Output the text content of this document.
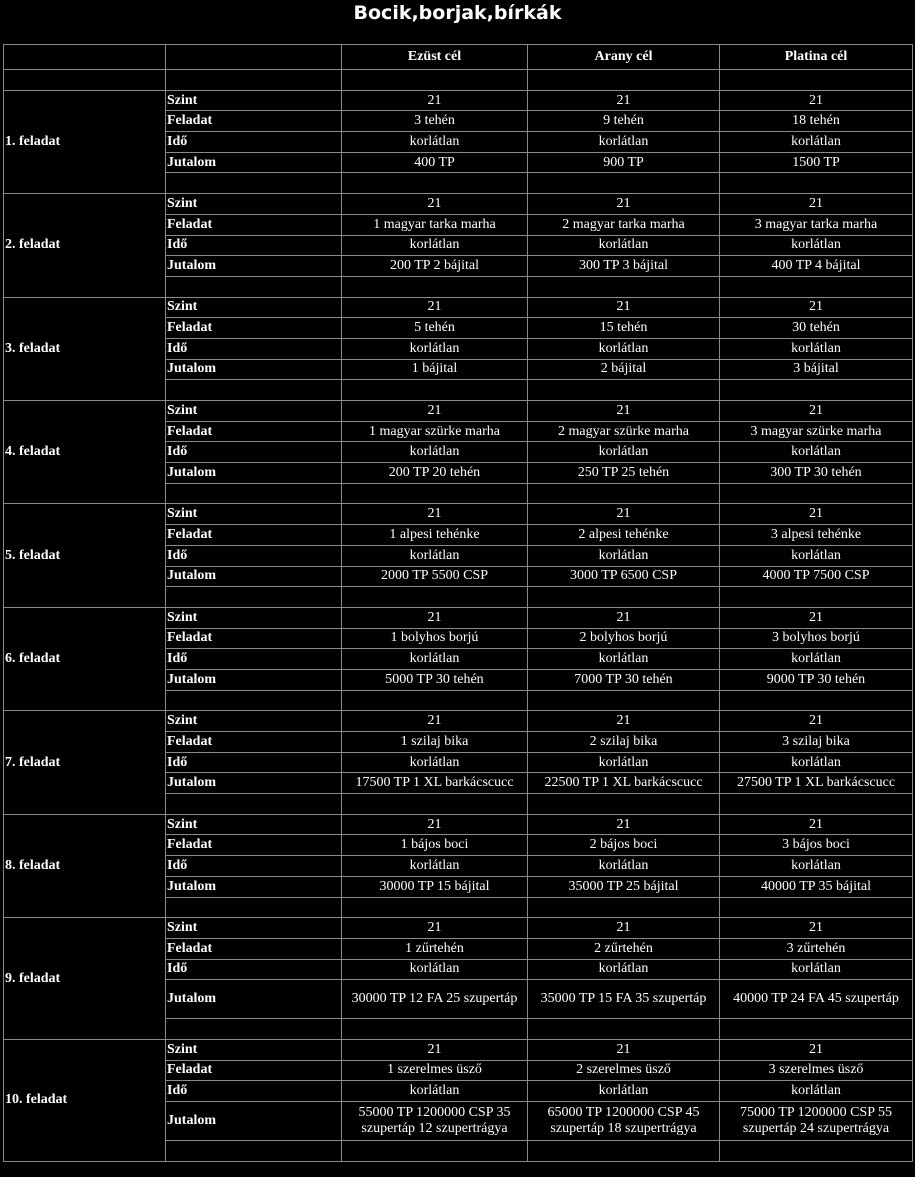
Bocik,borjak,bírkák
		Ezüst cél	Arany cél	Platina cél

1. feladat	Szint	21	21	21
	Feladat	3 tehén	9 tehén	18 tehén
	Idő	korlátlan	korlátlan	korlátlan
	Jutalom	400 TP	900 TP	1500 TP

2. feladat	Szint	21	21	21
	Feladat	1 magyar tarka marha	2 magyar tarka marha	3 magyar tarka marha
	Idő	korlátlan	korlátlan	korlátlan
	Jutalom	200 TP 2 bájital	300 TP 3 bájital	400 TP 4 bájital

3. feladat	Szint	21	21	21
	Feladat	5 tehén	15 tehén	30 tehén
	Idő	korlátlan	korlátlan	korlátlan
	Jutalom	1 bájital	2 bájital	3 bájital

4. feladat	Szint	21	21	21
	Feladat	1 magyar szürke marha	2 magyar szürke marha	3 magyar szürke marha
	Idő	korlátlan	korlátlan	korlátlan
	Jutalom	200 TP 20 tehén	250 TP 25 tehén	300 TP 30 tehén

5. feladat	Szint	21	21	21
	Feladat	1 alpesi tehénke	2 alpesi tehénke	3 alpesi tehénke
	Idő	korlátlan	korlátlan	korlátlan
	Jutalom	2000 TP 5500 CSP	3000 TP 6500 CSP	4000 TP 7500 CSP

6. feladat	Szint	21	21	21
	Feladat	1 bolyhos borjú	2 bolyhos borjú	3 bolyhos borjú
	Idő	korlátlan	korlátlan	korlátlan
	Jutalom	5000 TP 30 tehén	7000 TP 30 tehén	9000 TP 30 tehén

7. feladat	Szint	21	21	21
	Feladat	1 szilaj bika	2 szilaj bika	3 szilaj bika
	Idő	korlátlan	korlátlan	korlátlan
	Jutalom	17500 TP 1 XL barkácscucc	22500 TP 1 XL barkácscucc	27500 TP 1 XL barkácscucc

8. feladat	Szint	21	21	21
	Feladat	1 bájos boci	2 bájos boci	3 bájos boci
	Idő	korlátlan	korlátlan	korlátlan
	Jutalom	30000 TP 15 bájital	35000 TP 25 bájital	40000 TP 35 bájital

9. feladat	Szint	21	21	21
	Feladat	1 zűrtehén	2 zűrtehén	3 zűrtehén
	Idő	korlátlan	korlátlan	korlátlan
	Jutalom	30000 TP 12 FA 25 szupertáp	35000 TP 15 FA 35 szupertáp	40000 TP 24 FA 45 szupertáp

10. feladat	Szint	21	21	21
	Feladat	1 szerelmes üsző	2 szerelmes üsző	3 szerelmes üsző
	Idő	korlátlan	korlátlan	korlátlan
	Jutalom	55000 TP 1200000 CSP 35 szupertáp 12 szupertrágya	65000 TP 1200000 CSP 45 szupertáp 18 szupertrágya	75000 TP 1200000 CSP 55 szupertáp 24 szupertrágya
